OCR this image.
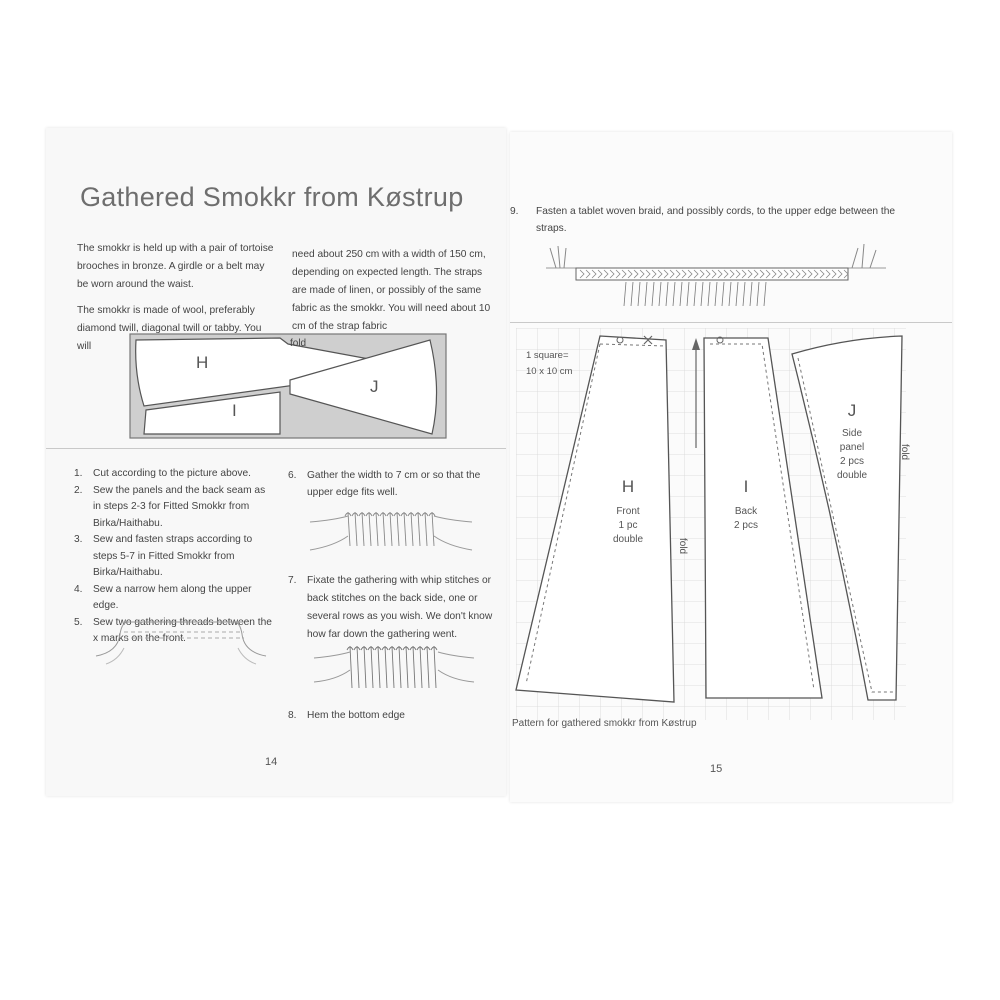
Gathered Smokkr from Køstrup

The smokkr is held up with a pair of tortoise brooches in bronze. A girdle or a belt may be worn around the waist.

The smokkr is made of wool, preferably diamond twill, diagonal twill or tabby. You will

need about 250 cm with a width of 150 cm, depending on expected length. The straps are made of linen, or possibly of the same fabric as the smokkr. You will need about 10 cm of the strap fabric

H
I
J
fold
1. Cut according to the picture above.
2. Sew the panels and the back seam as in steps 2-3 for Fitted Smokkr from Birka/Haithabu.
3. Sew and fasten straps according to steps 5-7 in Fitted Smokkr from Birka/Haithabu.
4. Sew a narrow hem along the upper edge.
5. Sew two gathering threads between the x marks on the front.
6. Gather the width to 7 cm or so that the upper edge fits well.
7. Fixate the gathering with whip stitches or back stitches on the back side, one or several rows as you wish. We don't know how far down the gathering went.
8. Hem the bottom edge
14
9. Fasten a tablet woven braid, and possibly cords, to the upper edge between the straps.
1 square=
10 x 10 cm
H
Front
1 pc
double	fold
I
Back
2 pcs
J
Side
panel
2 pcs
double
fold
Pattern for gathered smokkr from Køstrup
15
